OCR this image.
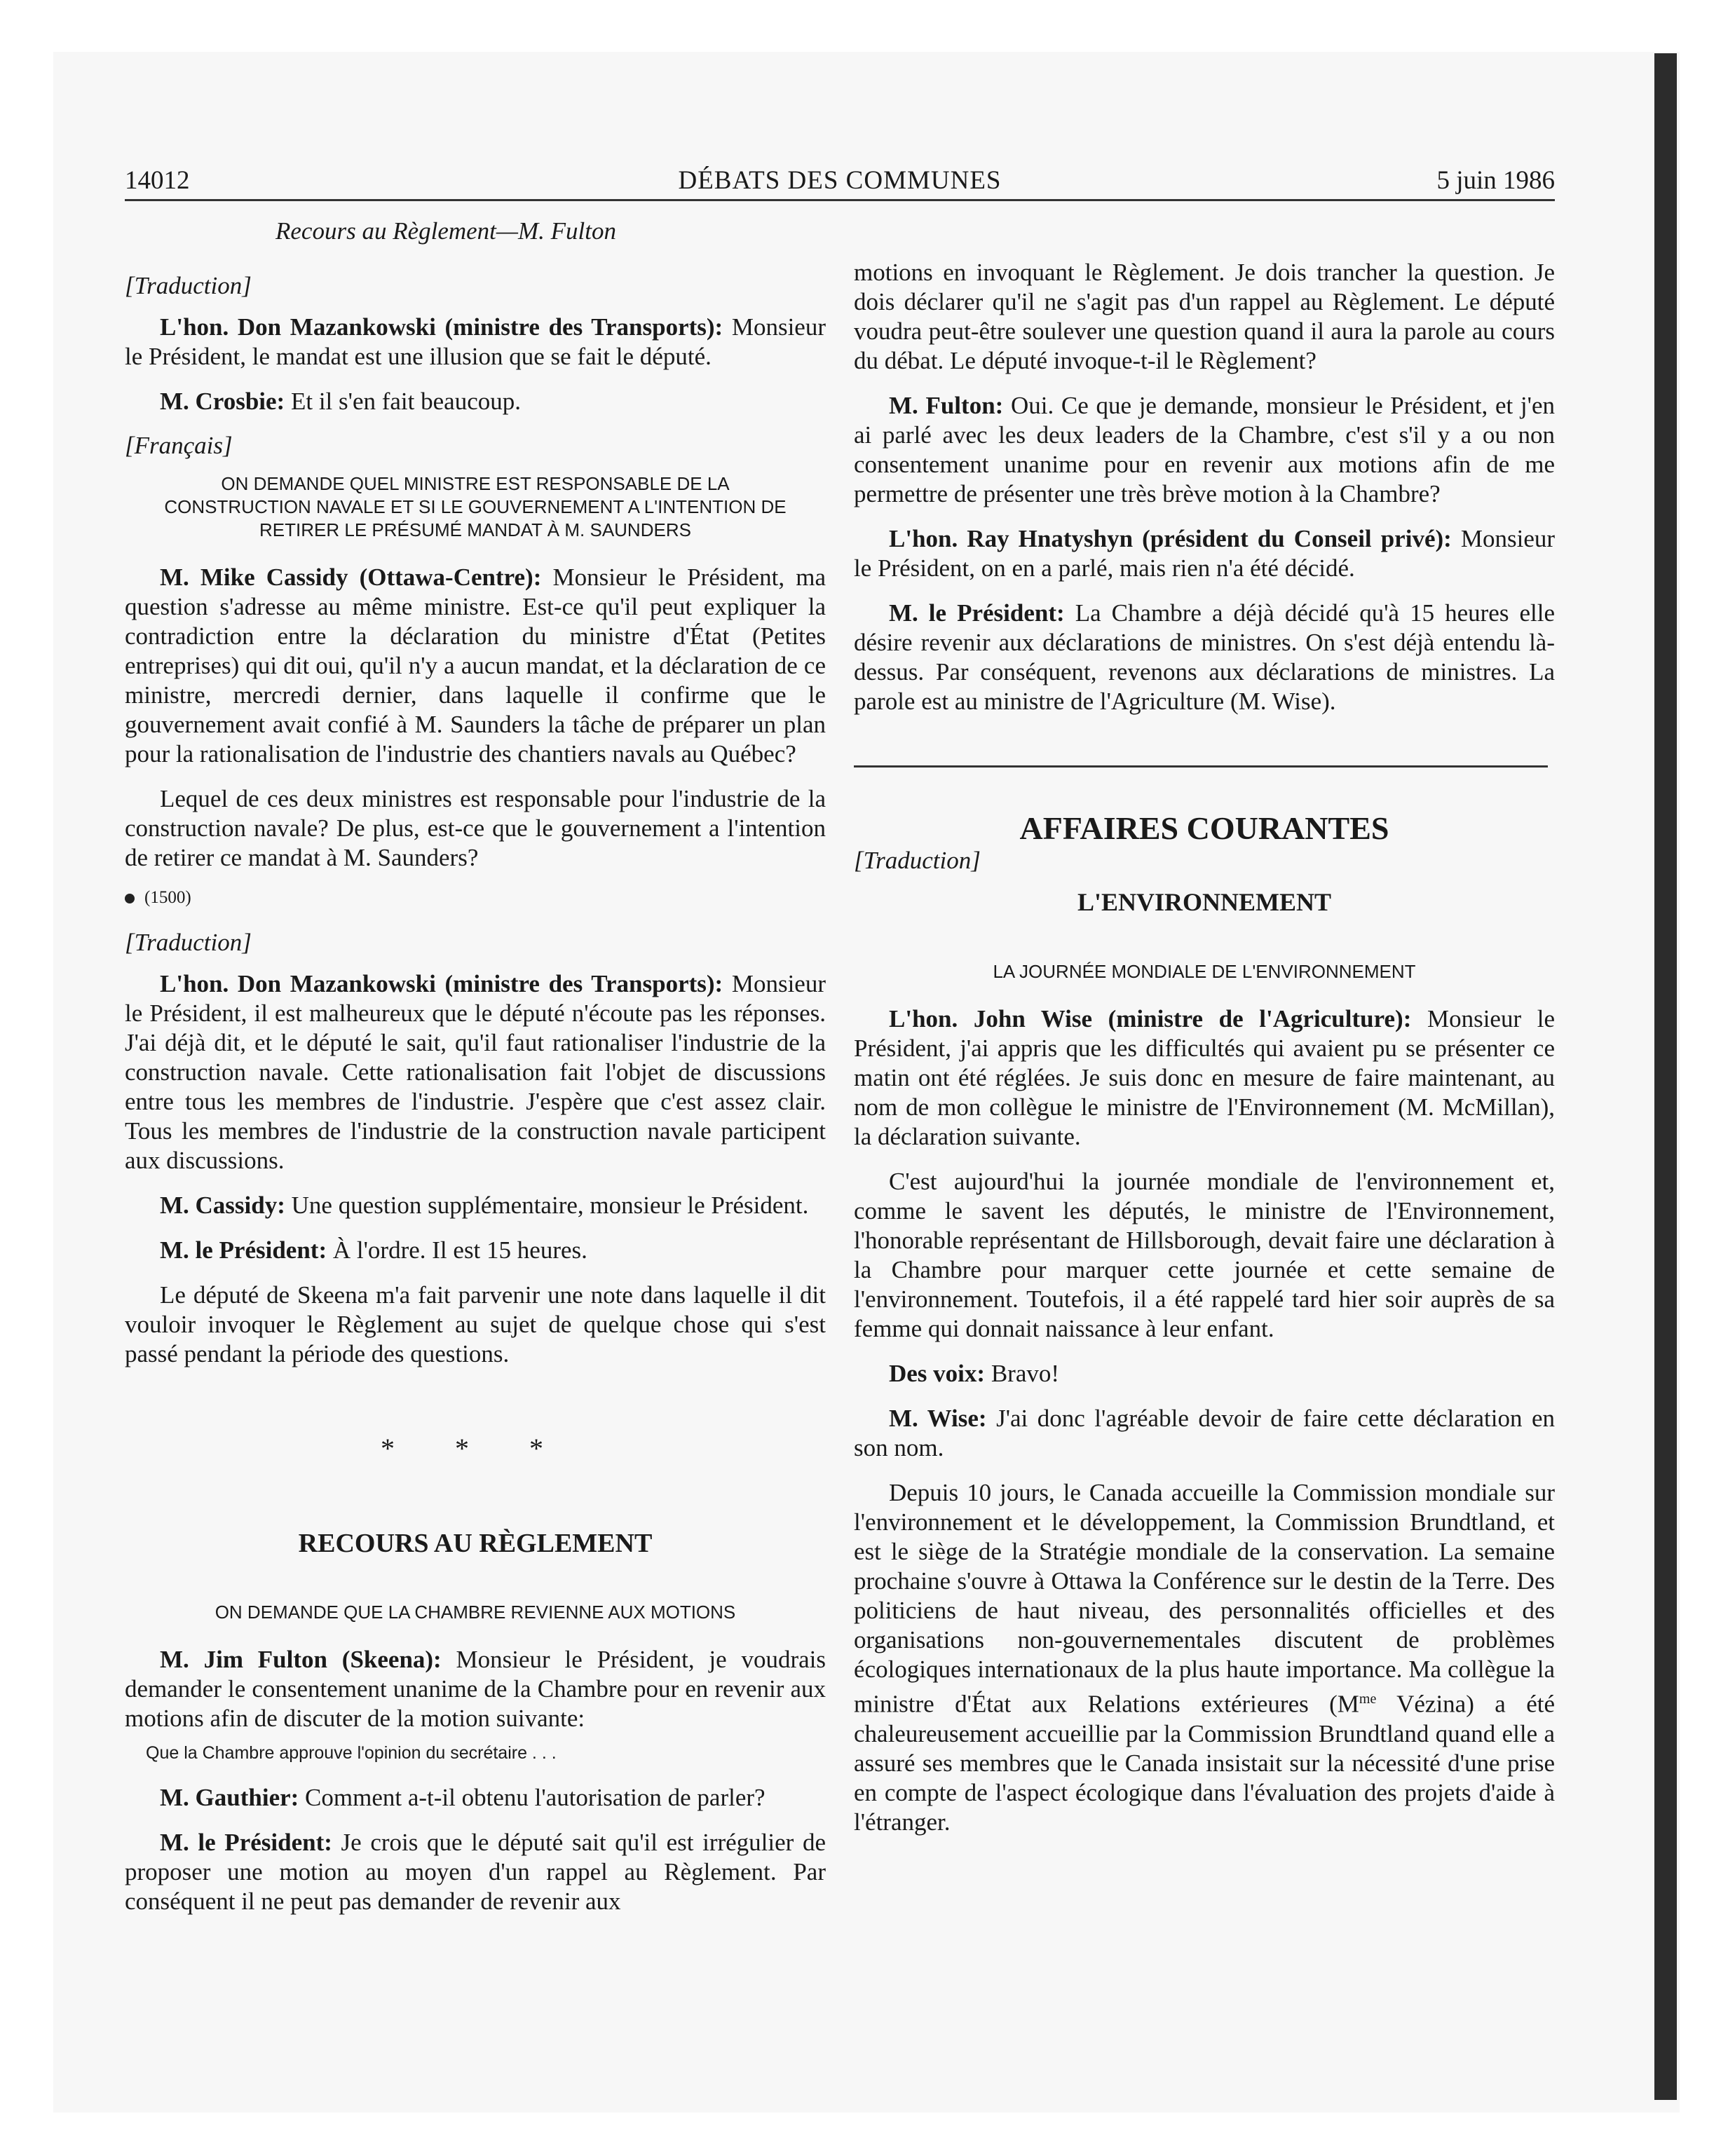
14012	DÉBATS DES COMMUNES	5 juin 1986
Recours au Règlement—M. Fulton
[Traduction]

L'hon. Don Mazankowski (ministre des Transports): Monsieur le Président, le mandat est une illusion que se fait le député.

M. Crosbie: Et il s'en fait beaucoup.

[Français]
ON DEMANDE QUEL MINISTRE EST RESPONSABLE DE LA CONSTRUCTION NAVALE ET SI LE GOUVERNEMENT A L'INTENTION DE RETIRER LE PRÉSUMÉ MANDAT À M. SAUNDERS

M. Mike Cassidy (Ottawa-Centre): Monsieur le Président, ma question s'adresse au même ministre. Est-ce qu'il peut expliquer la contradiction entre la déclaration du ministre d'État (Petites entreprises) qui dit oui, qu'il n'y a aucun mandat, et la déclaration de ce ministre, mercredi dernier, dans laquelle il confirme que le gouvernement avait confié à M. Saunders la tâche de préparer un plan pour la rationalisation de l'industrie des chantiers navals au Québec?

Lequel de ces deux ministres est responsable pour l'industrie de la construction navale? De plus, est-ce que le gouvernement a l'intention de retirer ce mandat à M. Saunders?

(1500)
[Traduction]

L'hon. Don Mazankowski (ministre des Transports): Monsieur le Président, il est malheureux que le député n'écoute pas les réponses. J'ai déjà dit, et le député le sait, qu'il faut rationaliser l'industrie de la construction navale. Cette rationalisation fait l'objet de discussions entre tous les membres de l'industrie. J'espère que c'est assez clair. Tous les membres de l'industrie de la construction navale participent aux discussions.

M. Cassidy: Une question supplémentaire, monsieur le Président.

M. le Président: À l'ordre. Il est 15 heures.

Le député de Skeena m'a fait parvenir une note dans laquelle il dit vouloir invoquer le Règlement au sujet de quelque chose qui s'est passé pendant la période des questions.

* * *
RECOURS AU RÈGLEMENT
ON DEMANDE QUE LA CHAMBRE REVIENNE AUX MOTIONS

M. Jim Fulton (Skeena): Monsieur le Président, je voudrais demander le consentement unanime de la Chambre pour en revenir aux motions afin de discuter de la motion suivante:

Que la Chambre approuve l'opinion du secrétaire . . .

M. Gauthier: Comment a-t-il obtenu l'autorisation de parler?

M. le Président: Je crois que le député sait qu'il est irrégulier de proposer une motion au moyen d'un rappel au Règlement. Par conséquent il ne peut pas demander de revenir aux

motions en invoquant le Règlement. Je dois trancher la question. Je dois déclarer qu'il ne s'agit pas d'un rappel au Règlement. Le député voudra peut-être soulever une question quand il aura la parole au cours du débat. Le député invoque-t-il le Règlement?

M. Fulton: Oui. Ce que je demande, monsieur le Président, et j'en ai parlé avec les deux leaders de la Chambre, c'est s'il y a ou non consentement unanime pour en revenir aux motions afin de me permettre de présenter une très brève motion à la Chambre?

L'hon. Ray Hnatyshyn (président du Conseil privé): Monsieur le Président, on en a parlé, mais rien n'a été décidé.

M. le Président: La Chambre a déjà décidé qu'à 15 heures elle désire revenir aux déclarations de ministres. On s'est déjà entendu là-dessus. Par conséquent, revenons aux déclarations de ministres. La parole est au ministre de l'Agriculture (M. Wise).

AFFAIRES COURANTES
[Traduction]
L'ENVIRONNEMENT
LA JOURNÉE MONDIALE DE L'ENVIRONNEMENT

L'hon. John Wise (ministre de l'Agriculture): Monsieur le Président, j'ai appris que les difficultés qui avaient pu se présenter ce matin ont été réglées. Je suis donc en mesure de faire maintenant, au nom de mon collègue le ministre de l'Environnement (M. McMillan), la déclaration suivante.

C'est aujourd'hui la journée mondiale de l'environnement et, comme le savent les députés, le ministre de l'Environnement, l'honorable représentant de Hillsborough, devait faire une déclaration à la Chambre pour marquer cette journée et cette semaine de l'environnement. Toutefois, il a été rappelé tard hier soir auprès de sa femme qui donnait naissance à leur enfant.

Des voix: Bravo!

M. Wise: J'ai donc l'agréable devoir de faire cette déclaration en son nom.

Depuis 10 jours, le Canada accueille la Commission mondiale sur l'environnement et le développement, la Commission Brundtland, et est le siège de la Stratégie mondiale de la conservation. La semaine prochaine s'ouvre à Ottawa la Conférence sur le destin de la Terre. Des politiciens de haut niveau, des personnalités officielles et des organisations non-gouvernementales discutent de problèmes écologiques internationaux de la plus haute importance. Ma collègue la ministre d'État aux Relations extérieures ($M^{me}$ Vézina) a été chaleureusement accueillie par la Commission Brundtland quand elle a assuré ses membres que le Canada insistait sur la nécessité d'une prise en compte de l'aspect écologique dans l'évaluation des projets d'aide à l'étranger.
